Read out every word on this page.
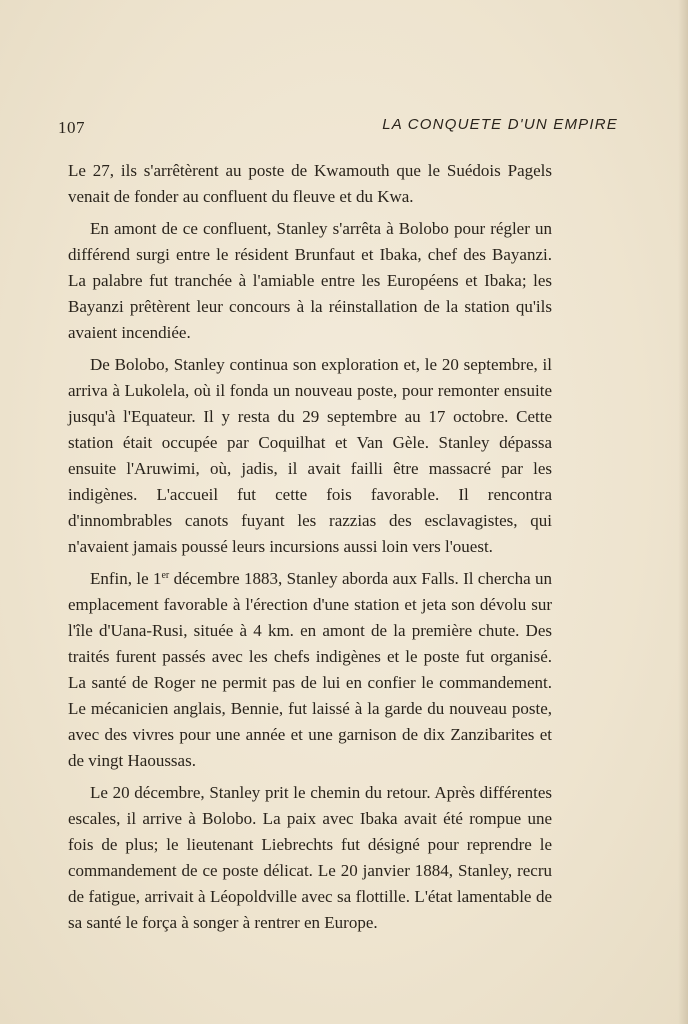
107	LA CONQUETE D'UN EMPIRE

Le 27, ils s'arrêtèrent au poste de Kwamouth que le Suédois Pagels venait de fonder au confluent du fleuve et du Kwa.

En amont de ce confluent, Stanley s'arrêta à Bolobo pour régler un différend surgi entre le résident Brunfaut et Ibaka, chef des Bayanzi. La palabre fut tranchée à l'amiable entre les Européens et Ibaka; les Bayanzi prêtèrent leur concours à la réinstallation de la station qu'ils avaient incendiée.

De Bolobo, Stanley continua son exploration et, le 20 septembre, il arriva à Lukolela, où il fonda un nouveau poste, pour remonter ensuite jusqu'à l'Equateur. Il y resta du 29 septembre au 17 octobre. Cette station était occupée par Coquilhat et Van Gèle. Stanley dépassa ensuite l'Aruwimi, où, jadis, il avait failli être massacré par les indigènes. L'accueil fut cette fois favorable. Il rencontra d'innombrables canots fuyant les razzias des esclavagistes, qui n'avaient jamais poussé leurs incursions aussi loin vers l'ouest.

Enfin, le 1er décembre 1883, Stanley aborda aux Falls. Il chercha un emplacement favorable à l'érection d'une station et jeta son dévolu sur l'île d'Uana-Rusi, située à 4 km. en amont de la première chute. Des traités furent passés avec les chefs indigènes et le poste fut organisé. La santé de Roger ne permit pas de lui en confier le commandement. Le mécanicien anglais, Bennie, fut laissé à la garde du nouveau poste, avec des vivres pour une année et une garnison de dix Zanzibarites et de vingt Haoussas.

Le 20 décembre, Stanley prit le chemin du retour. Après différentes escales, il arrive à Bolobo. La paix avec Ibaka avait été rompue une fois de plus; le lieutenant Liebrechts fut désigné pour reprendre le commandement de ce poste délicat. Le 20 janvier 1884, Stanley, recru de fatigue, arrivait à Léopoldville avec sa flottille. L'état lamentable de sa santé le força à songer à rentrer en Europe.
